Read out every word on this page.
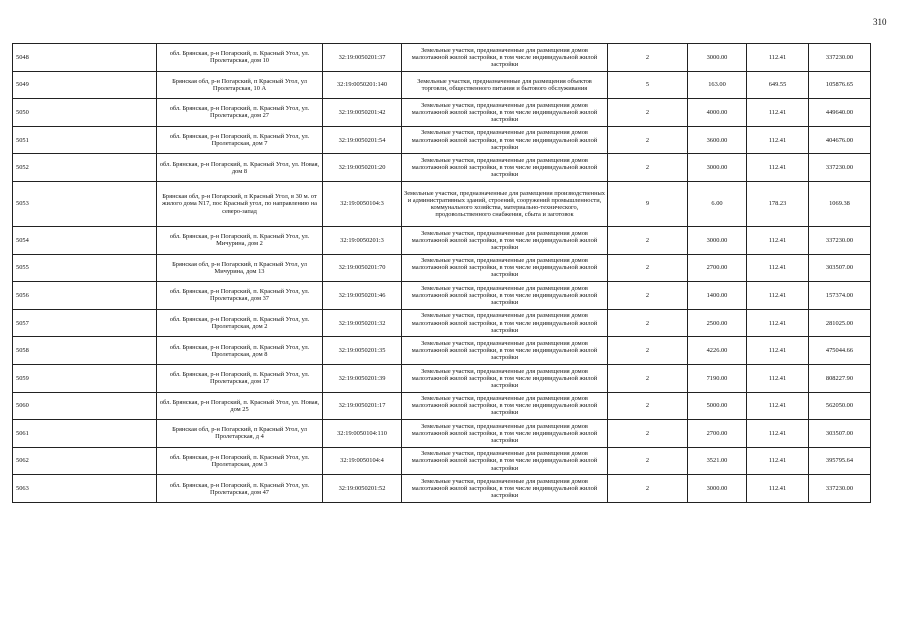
310
5048	обл. Брянская, р-н Погарский, п. Красный Угол, ул. Пролетарская, дом 10	32:19:0050201:37	Земельные участки, предназначенные для размещения домов малоэтажной жилой застройки, в том числе индивидуальной жилой застройки	2	3000.00	112.41	337230.00
5049	Брянская обл, р-н Погарский, п Красный Угол, ул Пролетарская, 10 А	32:19:0050201:140	Земельные участки, предназначенные для размещения объектов торговли, общественного питания и бытового обслуживания	5	163.00	649.55	105876.65
5050	обл. Брянская, р-н Погарский, п. Красный Угол, ул. Пролетарская, дом 27	32:19:0050201:42	Земельные участки, предназначенные для размещения домов малоэтажной жилой застройки, в том числе индивидуальной жилой застройки	2	4000.00	112.41	449640.00
5051	обл. Брянская, р-н Погарский, п. Красный Угол, ул. Пролетарская, дом 7	32:19:0050201:54	Земельные участки, предназначенные для размещения домов малоэтажной жилой застройки, в том числе индивидуальной жилой застройки	2	3600.00	112.41	404676.00
5052	обл. Брянская, р-н Погарский, п. Красный Угол, ул. Новая, дом 8	32:19:0050201:20	Земельные участки, предназначенные для размещения домов малоэтажной жилой застройки, в том числе индивидуальной жилой застройки	2	3000.00	112.41	337230.00
5053	Брянская обл, р-н Погарский, п Красный Угол, в 30 м. от жилого дома N17, пос Красный угол, по направлению на северо-запад	32:19:0050104:3	Земельные участки, предназначенные для размещения производственных и административных зданий, строений, сооружений промышленности, коммунального хозяйства, материально-технического, продовольственного снабжения, сбыта и заготовок	9	6.00	178.23	1069.38
5054	обл. Брянская, р-н Погарский, п. Красный Угол, ул. Мичурина, дом 2	32:19:0050201:3	Земельные участки, предназначенные для размещения домов малоэтажной жилой застройки, в том числе индивидуальной жилой застройки	2	3000.00	112.41	337230.00
5055	Брянская обл, р-н Погарский, п Красный Угол, ул Мичурина, дом 13	32:19:0050201:70	Земельные участки, предназначенные для размещения домов малоэтажной жилой застройки, в том числе индивидуальной жилой застройки	2	2700.00	112.41	303507.00
5056	обл. Брянская, р-н Погарский, п. Красный Угол, ул. Пролетарская, дом 37	32:19:0050201:46	Земельные участки, предназначенные для размещения домов малоэтажной жилой застройки, в том числе индивидуальной жилой застройки	2	1400.00	112.41	157374.00
5057	обл. Брянская, р-н Погарский, п. Красный Угол, ул. Пролетарская, дом 2	32:19:0050201:32	Земельные участки, предназначенные для размещения домов малоэтажной жилой застройки, в том числе индивидуальной жилой застройки	2	2500.00	112.41	281025.00
5058	обл. Брянская, р-н Погарский, п. Красный Угол, ул. Пролетарская, дом 8	32:19:0050201:35	Земельные участки, предназначенные для размещения домов малоэтажной жилой застройки, в том числе индивидуальной жилой застройки	2	4226.00	112.41	475044.66
5059	обл. Брянская, р-н Погарский, п. Красный Угол, ул. Пролетарская, дом 17	32:19:0050201:39	Земельные участки, предназначенные для размещения домов малоэтажной жилой застройки, в том числе индивидуальной жилой застройки	2	7190.00	112.41	808227.90
5060	обл. Брянская, р-н Погарский, п. Красный Угол, ул. Новая, дом 25	32:19:0050201:17	Земельные участки, предназначенные для размещения домов малоэтажной жилой застройки, в том числе индивидуальной жилой застройки	2	5000.00	112.41	562050.00
5061	Брянская обл, р-н Погарский, п Красный Угол, ул Пролетарская, д 4	32:19:0050104:110	Земельные участки, предназначенные для размещения домов малоэтажной жилой застройки, в том числе индивидуальной жилой застройки	2	2700.00	112.41	303507.00
5062	обл. Брянская, р-н Погарский, п. Красный Угол, ул. Пролетарская, дом 3	32:19:0050104:4	Земельные участки, предназначенные для размещения домов малоэтажной жилой застройки, в том числе индивидуальной жилой застройки	2	3521.00	112.41	395795.64
5063	обл. Брянская, р-н Погарский, п. Красный Угол, ул. Пролетарская, дом 47	32:19:0050201:52	Земельные участки, предназначенные для размещения домов малоэтажной жилой застройки, в том числе индивидуальной жилой застройки	2	3000.00	112.41	337230.00
